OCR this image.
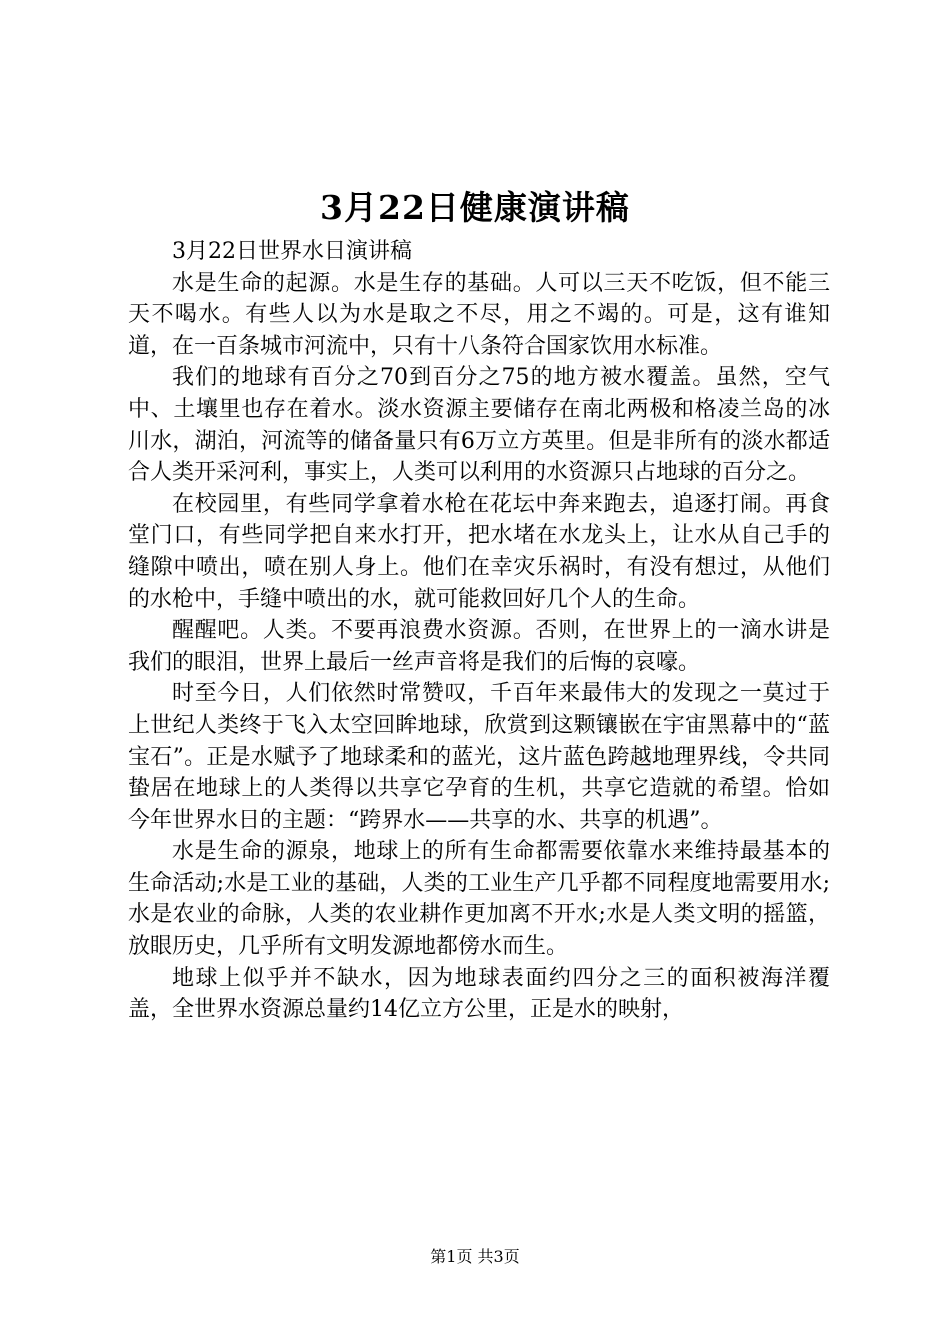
3月22日健康演讲稿

3月22日世界水日演讲稿

水是生命的起源。水是生存的基础。人可以三天不吃饭，但不能三天不喝水。有些人以为水是取之不尽，用之不竭的。可是，这有谁知道，在一百条城市河流中，只有十八条符合国家饮用水标准。

我们的地球有百分之70到百分之75的地方被水覆盖。虽然，空气中、土壤里也存在着水。淡水资源主要储存在南北两极和格凌兰岛的冰川水，湖泊，河流等的储备量只有6万立方英里。但是非所有的淡水都适合人类开采河利，事实上，人类可以利用的水资源只占地球的百分之。

在校园里，有些同学拿着水枪在花坛中奔来跑去，追逐打闹。再食堂门口，有些同学把自来水打开，把水堵在水龙头上，让水从自己手的缝隙中喷出，喷在别人身上。他们在幸灾乐祸时，有没有想过，从他们的水枪中，手缝中喷出的水，就可能救回好几个人的生命。

醒醒吧。人类。不要再浪费水资源。否则，在世界上的一滴水讲是我们的眼泪，世界上最后一丝声音将是我们的后悔的哀嚎。

时至今日，人们依然时常赞叹，千百年来最伟大的发现之一莫过于上世纪人类终于飞入太空回眸地球，欣赏到这颗镶嵌在宇宙黑幕中的“蓝宝石”。正是水赋予了地球柔和的蓝光，这片蓝色跨越地理界线，令共同蛰居在地球上的人类得以共享它孕育的生机，共享它造就的希望。恰如今年世界水日的主题：“跨界水——共享的水、共享的机遇”。

水是生命的源泉，地球上的所有生命都需要依靠水来维持最基本的生命活动;水是工业的基础，人类的工业生产几乎都不同程度地需要用水;水是农业的命脉，人类的农业耕作更加离不开水;水是人类文明的摇篮，放眼历史，几乎所有文明发源地都傍水而生。

地球上似乎并不缺水，因为地球表面约四分之三的面积被海洋覆盖，全世界水资源总量约14亿立方公里，正是水的映射，

第1页 共3页
